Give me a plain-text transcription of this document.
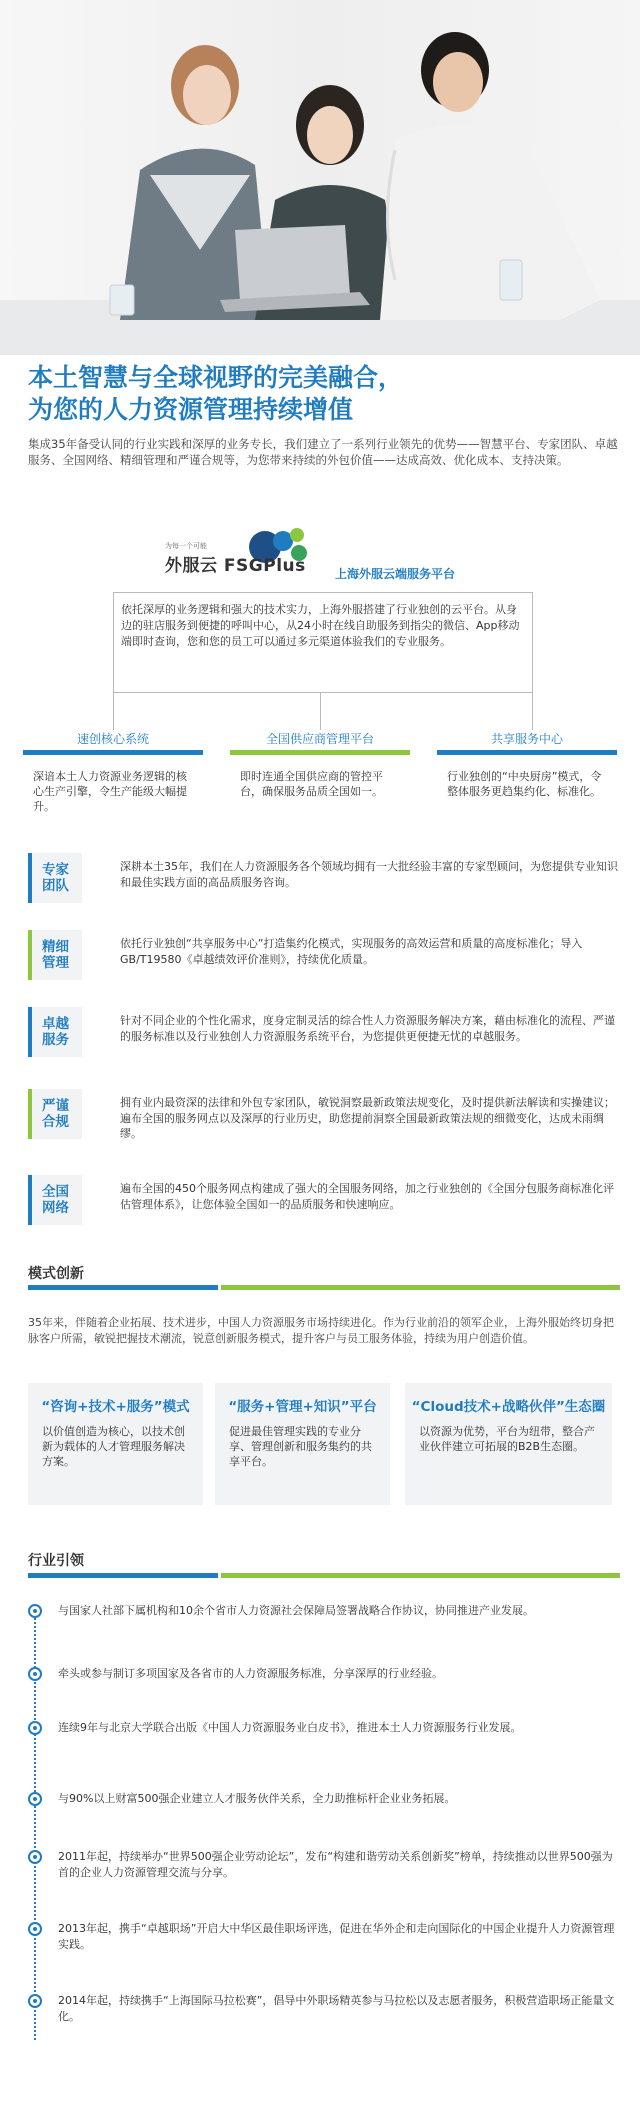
本土智慧与全球视野的完美融合，
为您的人力资源管理持续增值
集成35年备受认同的行业实践和深厚的业务专长，我们建立了一系列行业领先的优势——智慧平台、专家团队、卓越服务、全国网络、精细管理和严谨合规等，为您带来持续的外包价值——达成高效、优化成本、支持决策。
为每一个可能
外服云 FSGPlus 上海外服云端服务平台
依托深厚的业务逻辑和强大的技术实力，上海外服搭建了行业独创的云平台。从身边的驻店服务到便捷的呼叫中心，从24小时在线自助服务到指尖的微信、App移动端即时查询，您和您的员工可以通过多元渠道体验我们的专业服务。
速创核心系统
深谙本土人力资源业务逻辑的核心生产引擎，令生产能级大幅提升。
全国供应商管理平台
即时连通全国供应商的管控平台，确保服务品质全国如一。
共享服务中心
行业独创的“中央厨房”模式，令整体服务更趋集约化、标准化。
专家团队
深耕本土35年，我们在人力资源服务各个领域均拥有一大批经验丰富的专家型顾问，为您提供专业知识和最佳实践方面的高品质服务咨询。
精细管理
依托行业独创“共享服务中心”打造集约化模式，实现服务的高效运营和质量的高度标准化；导入GB/T19580《卓越绩效评价准则》，持续优化质量。
卓越服务
针对不同企业的个性化需求，度身定制灵活的综合性人力资源服务解决方案，藉由标准化的流程、严谨的服务标准以及行业独创人力资源服务系统平台，为您提供更便捷无忧的卓越服务。
严谨合规
拥有业内最资深的法律和外包专家团队，敏锐洞察最新政策法规变化，及时提供新法解读和实操建议；遍布全国的服务网点以及深厚的行业历史，助您提前洞察全国最新政策法规的细微变化，达成未雨绸缪。
全国网络
遍布全国的450个服务网点构建成了强大的全国服务网络，加之行业独创的《全国分包服务商标准化评估管理体系》，让您体验全国如一的品质服务和快速响应。
模式创新
35年来，伴随着企业拓展、技术进步，中国人力资源服务市场持续进化。作为行业前沿的领军企业，上海外服始终切身把脉客户所需，敏锐把握技术潮流，锐意创新服务模式，提升客户与员工服务体验，持续为用户创造价值。
“咨询+技术+服务”模式
以价值创造为核心，以技术创新为载体的人才管理服务解决方案。
“服务+管理+知识”平台
促进最佳管理实践的专业分享、管理创新和服务集约的共享平台。
“Cloud技术+战略伙伴”生态圈
以资源为优势，平台为纽带，整合产业伙伴建立可拓展的B2B生态圈。
行业引领
与国家人社部下属机构和10余个省市人力资源社会保障局签署战略合作协议，协同推进产业发展。
牵头或参与制订多项国家及各省市的人力资源服务标准，分享深厚的行业经验。
连续9年与北京大学联合出版《中国人力资源服务业白皮书》，推进本土人力资源服务行业发展。
与90%以上财富500强企业建立人才服务伙伴关系，全力助推标杆企业业务拓展。
2011年起，持续举办“世界500强企业劳动论坛”，发布“构建和谐劳动关系创新奖”榜单，持续推动以世界500强为首的企业人力资源管理交流与分享。
2013年起，携手“卓越职场”开启大中华区最佳职场评选，促进在华外企和走向国际化的中国企业提升人力资源管理实践。
2014年起，持续携手“上海国际马拉松赛”，倡导中外职场精英参与马拉松以及志愿者服务，积极营造职场正能量文化。
